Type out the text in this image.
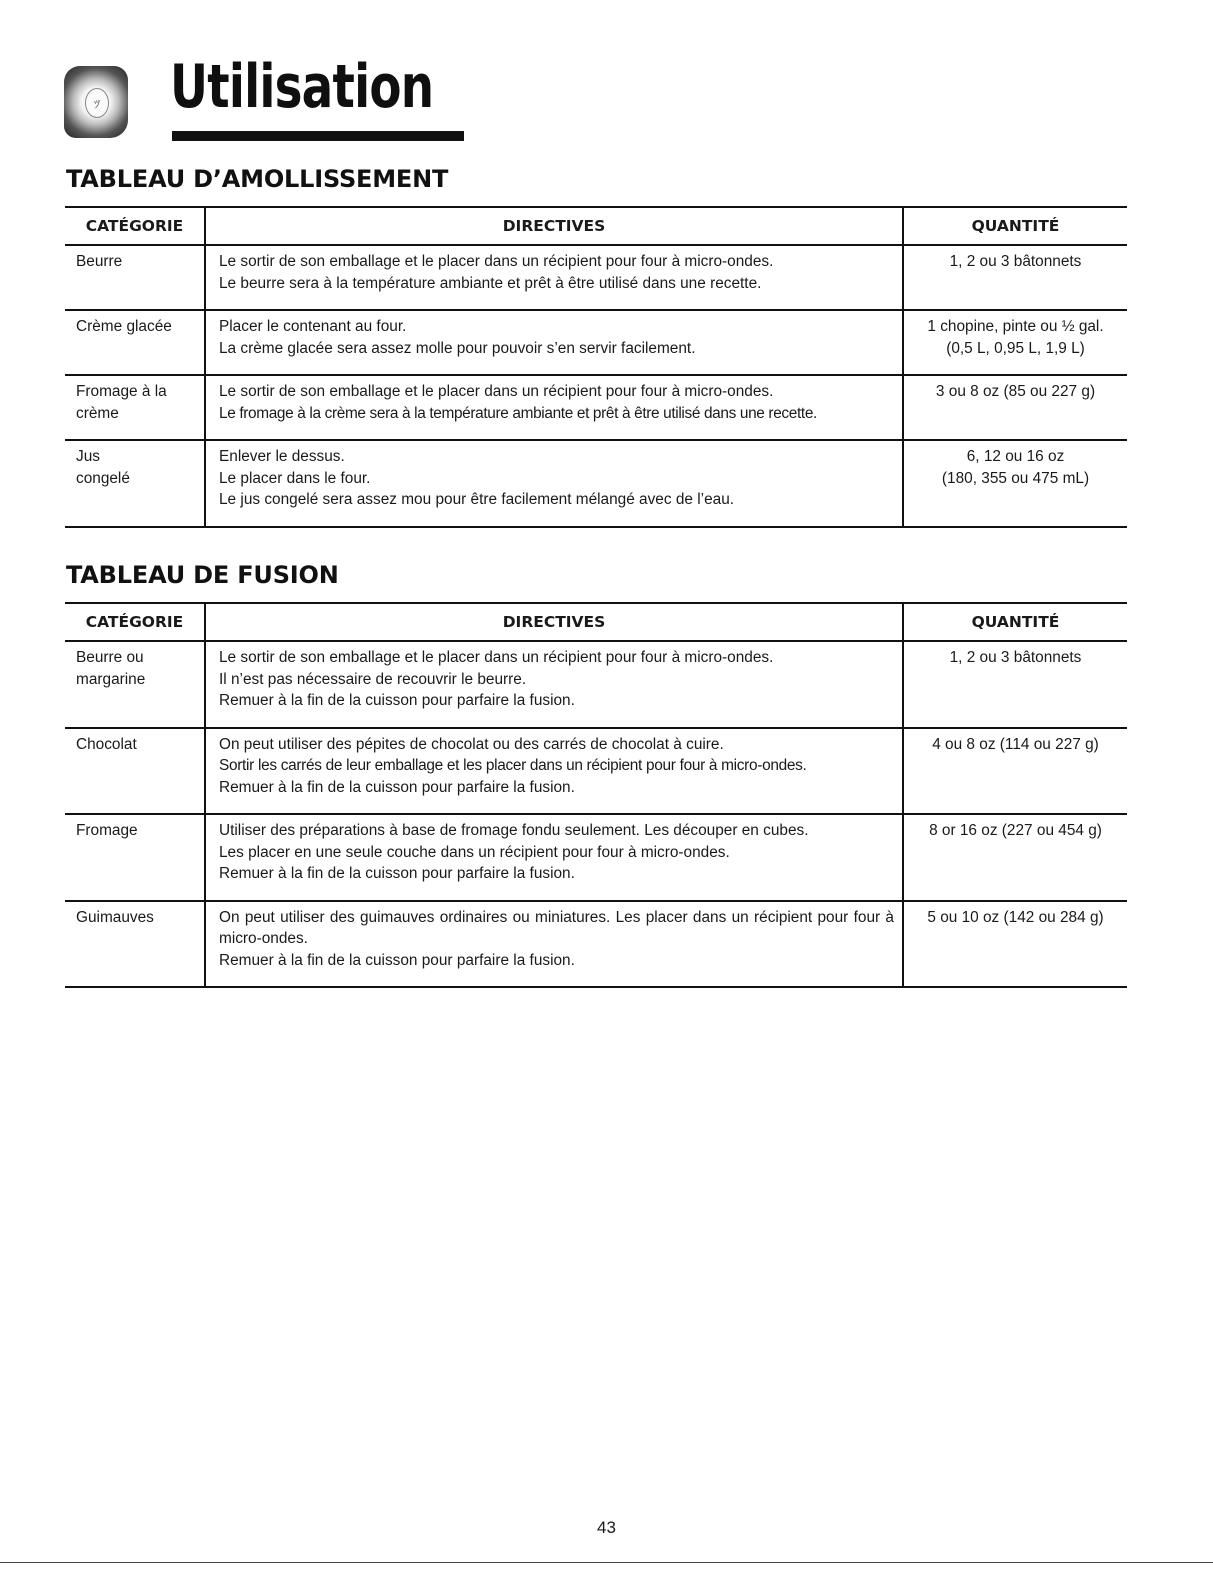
ﾂ Utilisation
TABLEAU D’AMOLLISSEMENT
CATÉGORIE	DIRECTIVES	QUANTITÉ

Beurre	Le sortir de son emballage et le placer dans un récipient pour four à micro-ondes.
Le beurre sera à la température ambiante et prêt à être utilisé dans une recette.	1, 2 ou 3 bâtonnets

Crème glacée	Placer le contenant au four.
La crème glacée sera assez molle pour pouvoir s’en servir facilement.	1 chopine, pinte ou ½ gal.
(0,5 L, 0,95 L, 1,9 L)

Fromage à la
crème	Le sortir de son emballage et le placer dans un récipient pour four à micro-ondes.
Le fromage à la crème sera à la température ambiante et prêt à être utilisé dans une recette.	3 ou 8 oz (85 ou 227 g)

Jus
congelé	Enlever le dessus.
Le placer dans le four.
Le jus congelé sera assez mou pour être facilement mélangé avec de l’eau.	6, 12 ou 16 oz
(180, 355 ou 475 mL)
TABLEAU DE FUSION
CATÉGORIE	DIRECTIVES	QUANTITÉ

Beurre ou
margarine	Le sortir de son emballage et le placer dans un récipient pour four à micro-ondes.
Il n’est pas nécessaire de recouvrir le beurre.
Remuer à la fin de la cuisson pour parfaire la fusion.	1, 2 ou 3 bâtonnets

Chocolat	On peut utiliser des pépites de chocolat ou des carrés de chocolat à cuire.
Sortir les carrés de leur emballage et les placer dans un récipient pour four à micro-ondes.
Remuer à la fin de la cuisson pour parfaire la fusion.	4 ou 8 oz (114 ou 227 g)

Fromage	Utiliser des préparations à base de fromage fondu seulement. Les découper en cubes.
Les placer en une seule couche dans un récipient pour four à micro-ondes.
Remuer à la fin de la cuisson pour parfaire la fusion.	8 or 16 oz (227 ou 454 g)

Guimauves	On peut utiliser des guimauves ordinaires ou miniatures. Les placer dans un récipient pour four à micro-ondes.
Remuer à la fin de la cuisson pour parfaire la fusion.	5 ou 10 oz (142 ou 284 g)
43
